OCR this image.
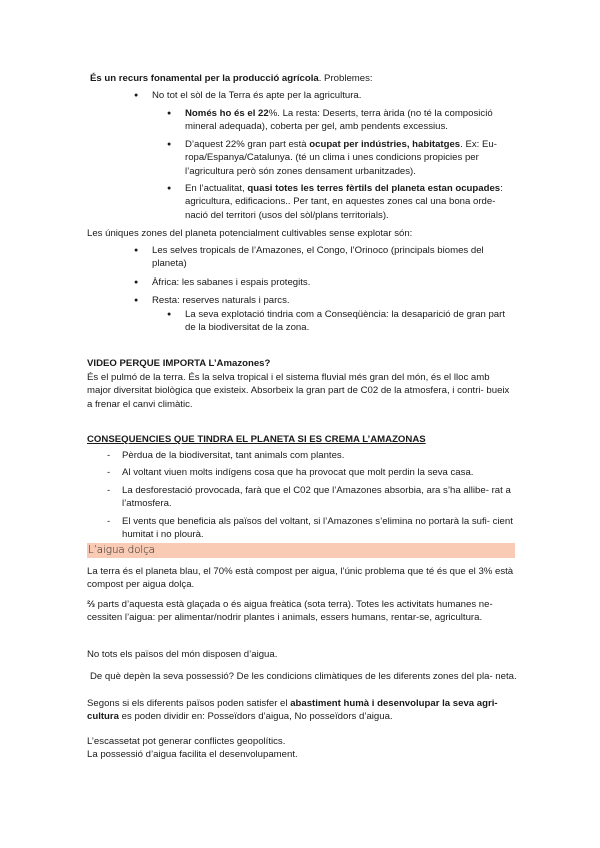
És un recurs fonamental per la producció agrícola. Problemes:
● No tot el sòl de la Terra és apte per la agricultura.
● Només ho és el 22%. La resta: Deserts, terra àrida (no té la composició mineral adequada), coberta per gel, amb pendents excessius.
● D’aquest 22% gran part està ocupat per indústries, habitatges. Ex: Eu- ropa/Espanya/Catalunya. (té un clima i unes condicions propicies per l’agricultura però són zones densament urbanitzades).
● En l’actualitat, quasi totes les terres fèrtils del planeta estan ocupades: agricultura, edificacions.. Per tant, en aquestes zones cal una bona orde- nació del territori (usos del sòl/plans territorials).
Les úniques zones del planeta potencialment cultivables sense explotar són:
● Les selves tropicals de l’Amazones, el Congo, l’Orinoco (principals biomes del planeta)
● Àfrica: les sabanes i espais protegits.
● Resta: reserves naturals i parcs.
● La seva explotació tindria com a Conseqüència: la desaparició de gran part de la biodiversitat de la zona.
VIDEO PERQUE IMPORTA L’Amazones?
És el pulmó de la terra. És la selva tropical i el sistema fluvial més gran del món, és el lloc amb major diversitat biològica que existeix. Absorbeix la gran part de C02 de la atmosfera, i contri- bueix a frenar el canvi climàtic.
CONSEQUENCIES QUE TINDRA EL PLANETA SI ES CREMA L’AMAZONAS
- Pèrdua de la biodiversitat, tant animals com plantes.
- Al voltant viuen molts indígens cosa que ha provocat que molt perdin la seva casa.
- La desforestació provocada, farà que el C02 que l’Amazones absorbia, ara s’ha allibe- rat a l’atmosfera.
- El vents que beneficia als països del voltant, si l’Amazones s’elimina no portarà la sufi- cient humitat i no plourà.
L’aigua dolça
La terra és el planeta blau, el 70% està compost per aigua, l’únic problema que té és que el 3% està compost per aigua dolça.
⅔ parts d’aquesta està glaçada o és aigua freàtica (sota terra). Totes les activitats humanes ne- cessiten l’aigua: per alimentar/nodrir plantes i animals, essers humans, rentar-se, agricultura.
No tots els països del món disposen d’aigua.
De què depèn la seva possessió? De les condicions climàtiques de les diferents zones del pla- neta.
Segons si els diferents països poden satisfer el abastiment humà i desenvolupar la seva agri- cultura es poden dividir en: Posseïdors d’aigua, No posseïdors d’aigua.
L’escassetat pot generar conflictes geopolítics.
La possessió d’aigua facilita el desenvolupament.
